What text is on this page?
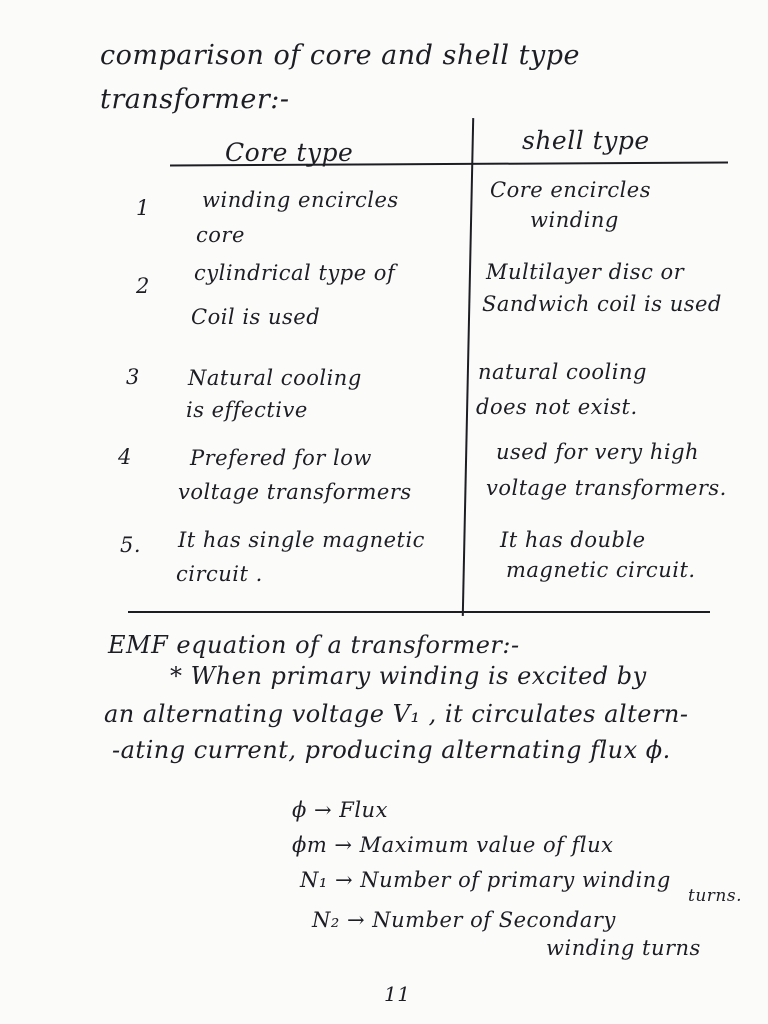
comparison of core and shell type
transformer:-
Core type	shell type
1 winding encircles
core
Core encircles
winding
2
cylindrical type of
Coil is used
Multilayer disc or
Sandwich coil is used
3 Natural cooling
is effective
natural cooling
does not exist.
4	Prefered for low
voltage transformers
used for very high
voltage transformers.
5. It has single magnetic
circuit .
It has double
magnetic circuit.
EMF equation of a transformer:-
* When primary winding is excited by
an alternating voltage V₁ , it circulates altern-
-ating current, producing alternating flux ϕ.
ϕ → Flux
ϕm → Maximum value of flux
N₁ → Number of primary winding
turns.
N₂ → Number of Secondary
winding turns
11
